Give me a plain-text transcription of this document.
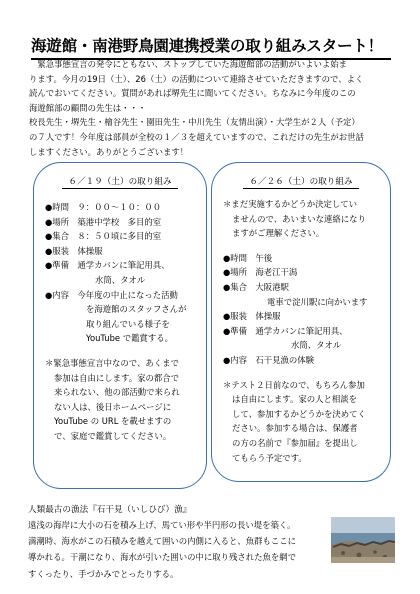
海遊館・南港野鳥園連携授業の取り組みスタート！

　緊急事態宣言の発令にともない、ストップしていた海遊館部の活動がいよいよ始ま

ります。今月の19日（土）、26（土）の活動について連絡させていただきますので、よく

読んでおいてください。質問があれば堺先生に聞いてください。ちなみに今年度のこの

海遊館部の顧問の先生は・・・

校長先生・堺先生・檜谷先生・園田先生・中川先生（友情出演）・大学生が２人（予定）

の７人です！今年度は部員が全校の１／３を超えていますので、これだけの先生がお世話

しますください。ありがとうございます！

６／１９（土）の取り組み
●時間　９：００～１０：００
●場所　築港中学校　多目的室
●集合　８：５０頃に多目的室
●服装　体操服
●準備　通学カバンに筆記用具、
水筒、タオル
●内容　今年度の中止になった活動
を海遊館のスタッフさんが
取り組んでいる様子を
YouTube で鑑賞する。
＊緊急事態宣言中なので、あくまで
参加は自由にします。家の都合で
来られない、他の部活動で来られ
ない人は、後日ホームページに
YouTube の URL を載せますの
で、家庭で鑑賞してください。
６／２６（土）の取り組み
＊まだ実施するかどうか決定してい
ませんので、あいまいな連絡になり
ますがご理解ください。
●時間　午後
●場所　海老江干潟
●集合　大阪港駅
電車で淀川駅に向かいます
●服装　体操服
●準備　通学カバンに筆記用具、
水筒、タオル
●内容　石干見漁の体験
＊テスト２日前なので、もちろん参加
は自由にします。家の人と相談を
して、参加するかどうかを決めてく
ださい。参加する場合は、保護者
の方の名前で『参加届』を提出し
てもらう予定です。
人類最古の漁法『石干見（いしひび）漁』
遠浅の海岸に大小の石を積み上げ、馬てい形や半円形の長い堤を築く。
満潮時、海水がこの石積みを越えて囲いの内側に入ると、魚群もここに
導かれる。干潮になり、海水が引いた囲いの中に取り残された魚を網で
すくったり、手づかみでとったりする。
